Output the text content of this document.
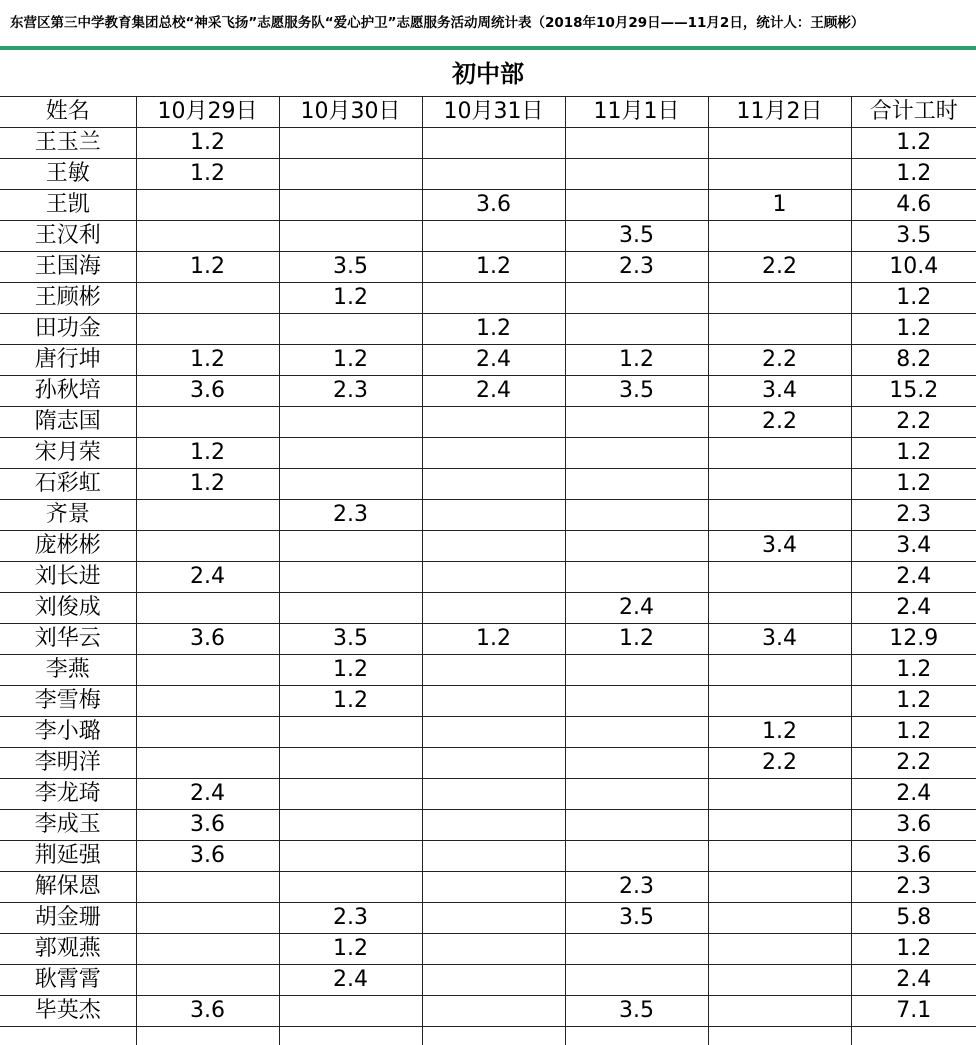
东营区第三中学教育集团总校“神采飞扬”志愿服务队“爱心护卫”志愿服务活动周统计表（2018年10月29日——11月2日，统计人：王顾彬）
初中部
姓名	10月29日	10月30日	10月31日	11月1日	11月2日	合计工时
王玉兰	1.2					1.2
王敏	1.2					1.2
王凯			3.6		1	4.6
王汉利				3.5		3.5
王国海	1.2	3.5	1.2	2.3	2.2	10.4
王顾彬		1.2				1.2
田功金			1.2			1.2
唐行坤	1.2	1.2	2.4	1.2	2.2	8.2
孙秋培	3.6	2.3	2.4	3.5	3.4	15.2
隋志国					2.2	2.2
宋月荣	1.2					1.2
石彩虹	1.2					1.2
齐景		2.3				2.3
庞彬彬					3.4	3.4
刘长进	2.4					2.4
刘俊成				2.4		2.4
刘华云	3.6	3.5	1.2	1.2	3.4	12.9
李燕		1.2				1.2
李雪梅		1.2				1.2
李小璐					1.2	1.2
李明洋					2.2	2.2
李龙琦	2.4					2.4
李成玉	3.6					3.6
荆延强	3.6					3.6
解保恩				2.3		2.3
胡金珊		2.3		3.5		5.8
郭观燕		1.2				1.2
耿霄霄		2.4				2.4
毕英杰	3.6			3.5		7.1
